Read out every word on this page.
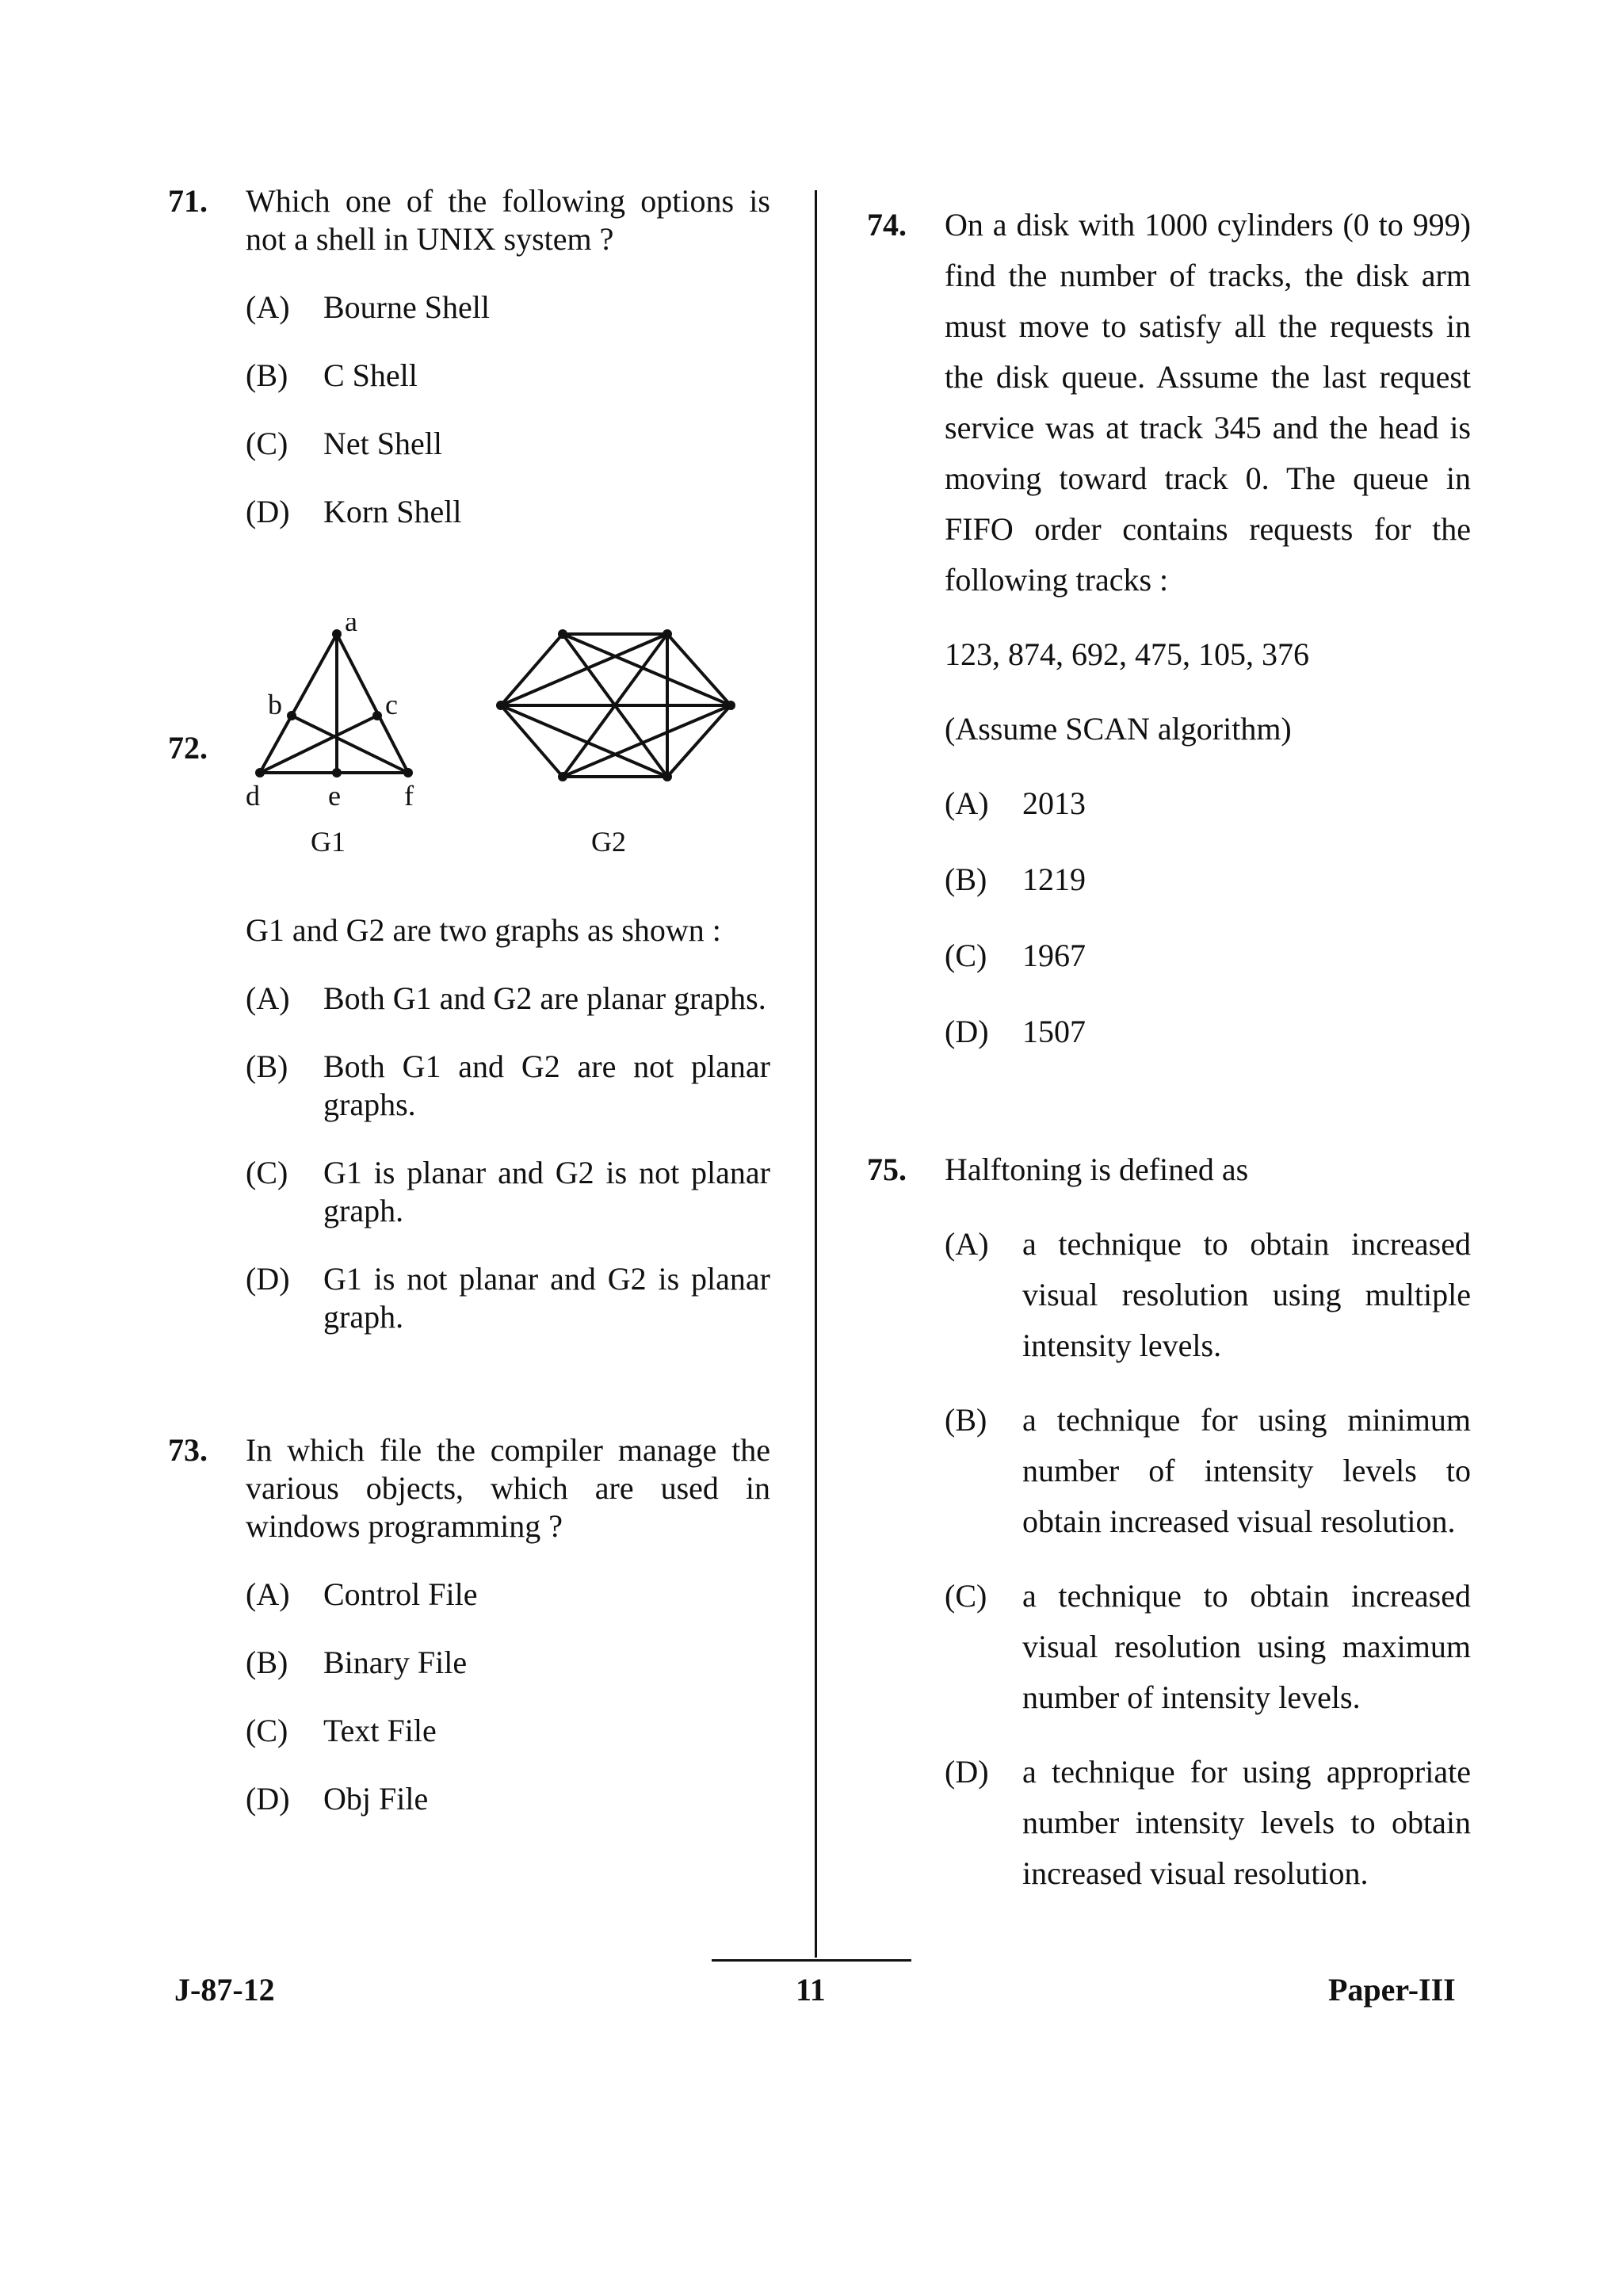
71. Which one of the following options is not a shell in UNIX system ?
(A) Bourne Shell
(B) C Shell
(C) Net Shell
(D) Korn Shell
72.
a
b	c
d e f
G1	G2
G1 and G2 are two graphs as shown :
(A) Both G1 and G2 are planar graphs.
(B) Both G1 and G2 are not planar graphs.
(C) G1 is planar and G2 is not planar graph.
(D) G1 is not planar and G2 is planar graph.
73. In which file the compiler manage the various objects, which are used in windows programming ?
(A) Control File
(B) Binary File
(C) Text File
(D) Obj File
74. On a disk with 1000 cylinders (0 to 999) find the number of tracks, the disk arm must move to satisfy all the requests in the disk queue. Assume the last request service was at track 345 and the head is moving toward track 0. The queue in FIFO order contains requests for the following tracks :
123, 874, 692, 475, 105, 376
(Assume SCAN algorithm)
(A) 2013
(B) 1219
(C) 1967
(D) 1507
75. Halftoning is defined as
(A) a technique to obtain increased visual resolution using multiple intensity levels.
(B) a technique for using minimum number of intensity levels to obtain increased visual resolution.
(C) a technique to obtain increased visual resolution using maximum number of intensity levels.
(D) a technique for using appropriate number intensity levels to obtain increased visual resolution.
J-87-12	11	Paper-III
